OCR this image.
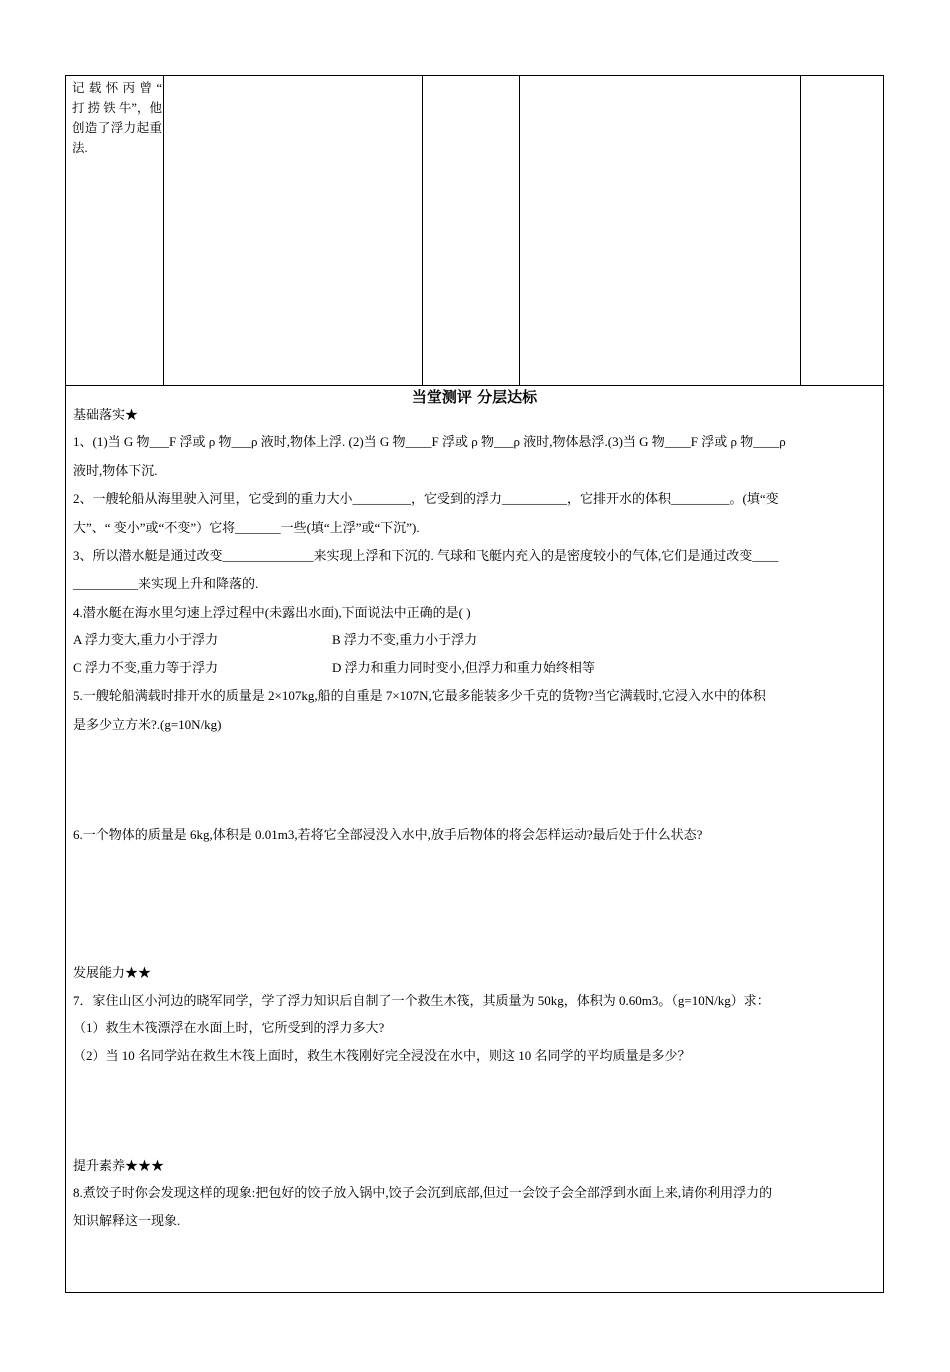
记 载 怀 丙 曾 “ 打 捞 铁 牛”，他创造了浮力起重法.
当堂测评 分层达标
基础落实★
1、(1)当 G 物___F 浮或 ρ 物___ρ 液时,物体上浮. (2)当 G 物____F 浮或 ρ 物___ρ 液时,物体悬浮.(3)当 G 物____F 浮或 ρ 物____ρ
液时,物体下沉.
2、一艘轮船从海里驶入河里，它受到的重力大小_________，它受到的浮力__________，它排开水的体积_________。(填“变
大”、“ 变小”或“不变”）它将_______一些(填“上浮”或“下沉”).
3、所以潜水艇是通过改变______________来实现上浮和下沉的. 气球和飞艇内充入的是密度较小的气体,它们是通过改变____
__________来实现上升和降落的.
4.潜水艇在海水里匀速上浮过程中(未露出水面),下面说法中正确的是( )
A 浮力变大,重力小于浮力	B 浮力不变,重力小于浮力
C 浮力不变,重力等于浮力	D 浮力和重力同时变小,但浮力和重力始终相等
5.一艘轮船满载时排开水的质量是 2×107kg,船的自重是 7×107N,它最多能装多少千克的货物?当它满载时,它浸入水中的体积
是多少立方米?.(g=10N/kg)
6.一个物体的质量是 6kg,体积是 0.01m3,若将它全部浸没入水中,放手后物体的将会怎样运动?最后处于什么状态?
发展能力★★
7．家住山区小河边的晓军同学，学了浮力知识后自制了一个救生木筏，其质量为 50kg，体积为 0.60m3。（g=10N/kg）求：
（1）救生木筏漂浮在水面上时，它所受到的浮力多大?
（2）当 10 名同学站在救生木筏上面时，救生木筏刚好完全浸没在水中，则这 10 名同学的平均质量是多少？
提升素养★★★
8.煮饺子时你会发现这样的现象:把包好的饺子放入锅中,饺子会沉到底部,但过一会饺子会全部浮到水面上来,请你利用浮力的
知识解释这一现象.
